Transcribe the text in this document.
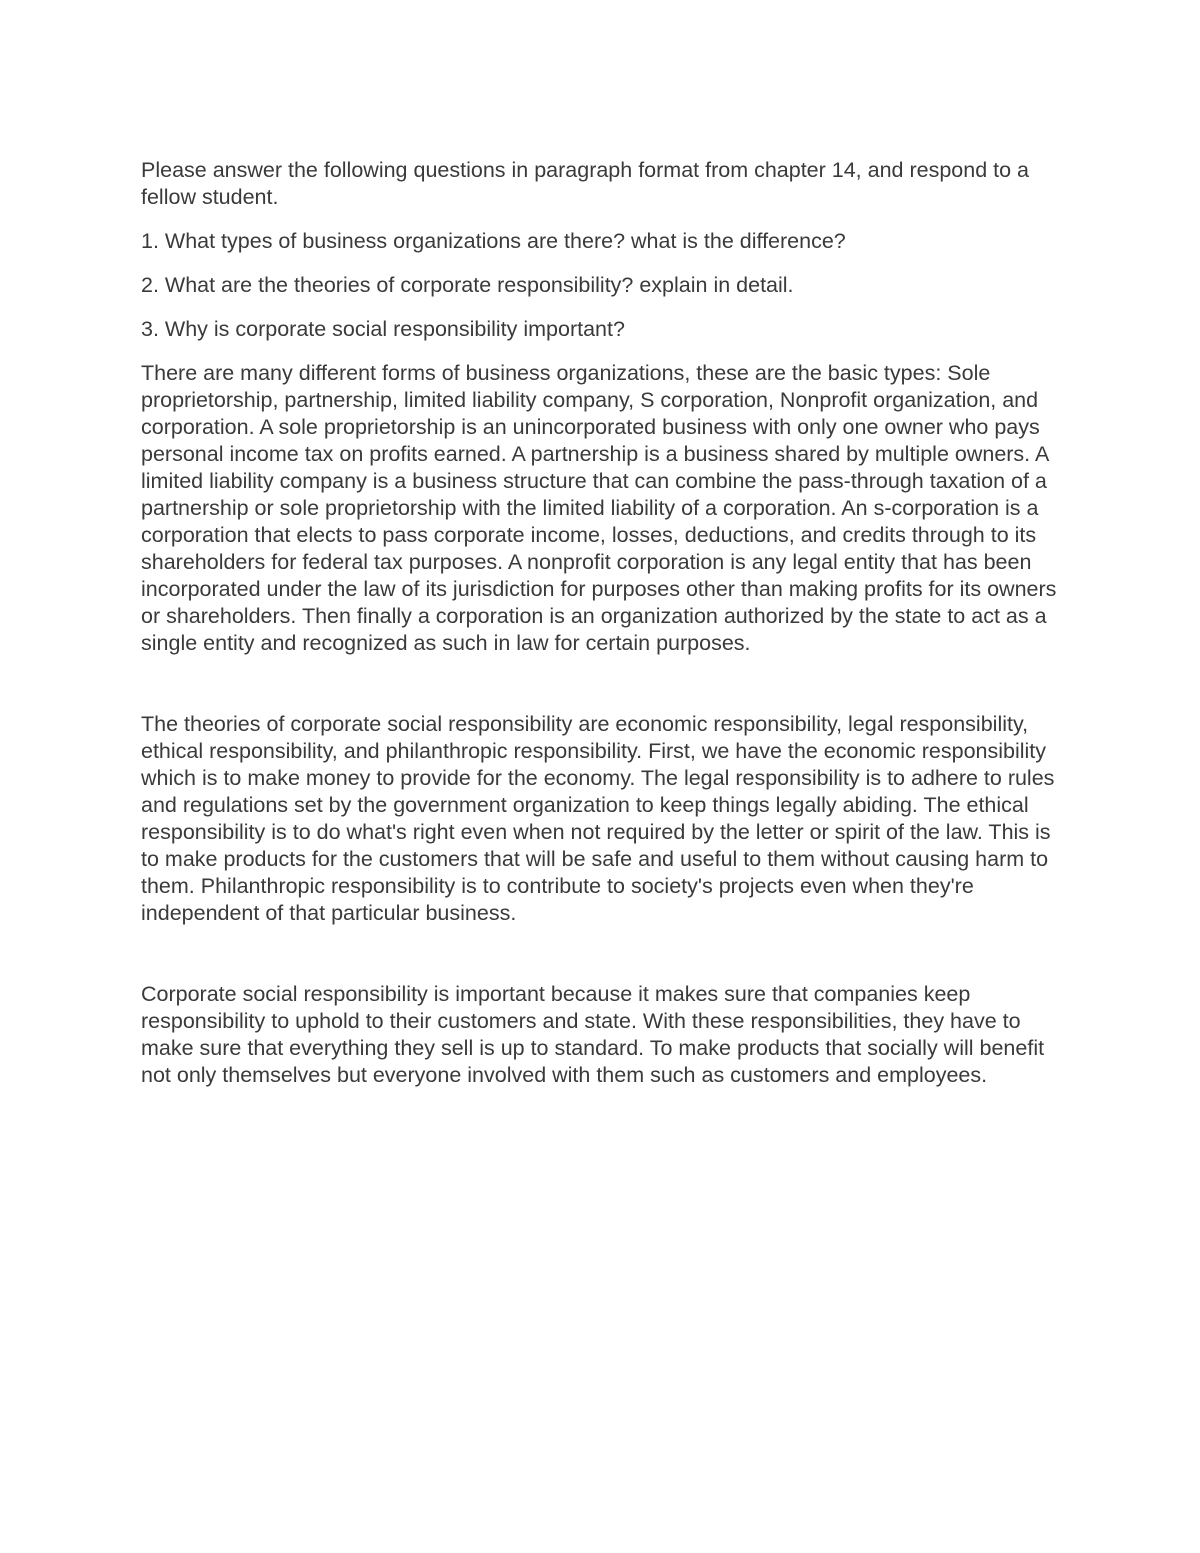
Please answer the following questions in paragraph format from chapter 14, and respond to a fellow student.

1. What types of business organizations are there? what is the difference?

2. What are the theories of corporate responsibility? explain in detail.

3. Why is corporate social responsibility important?

There are many different forms of business organizations, these are the basic types: Sole proprietorship, partnership, limited liability company, S corporation, Nonprofit organization, and corporation. A sole proprietorship is an unincorporated business with only one owner who pays personal income tax on profits earned. A partnership is a business shared by multiple owners. A limited liability company is a business structure that can combine the pass-through taxation of a partnership or sole proprietorship with the limited liability of a corporation. An s-corporation is a corporation that elects to pass corporate income, losses, deductions, and credits through to its shareholders for federal tax purposes. A nonprofit corporation is any legal entity that has been incorporated under the law of its jurisdiction for purposes other than making profits for its owners or shareholders. Then finally a corporation is an organization authorized by the state to act as a single entity and recognized as such in law for certain purposes.

The theories of corporate social responsibility are economic responsibility, legal responsibility, ethical responsibility, and philanthropic responsibility. First, we have the economic responsibility which is to make money to provide for the economy. The legal responsibility is to adhere to rules and regulations set by the government organization to keep things legally abiding. The ethical responsibility is to do what's right even when not required by the letter or spirit of the law. This is to make products for the customers that will be safe and useful to them without causing harm to them. Philanthropic responsibility is to contribute to society's projects even when they're independent of that particular business.

Corporate social responsibility is important because it makes sure that companies keep responsibility to uphold to their customers and state. With these responsibilities, they have to make sure that everything they sell is up to standard. To make products that socially will benefit not only themselves but everyone involved with them such as customers and employees.
